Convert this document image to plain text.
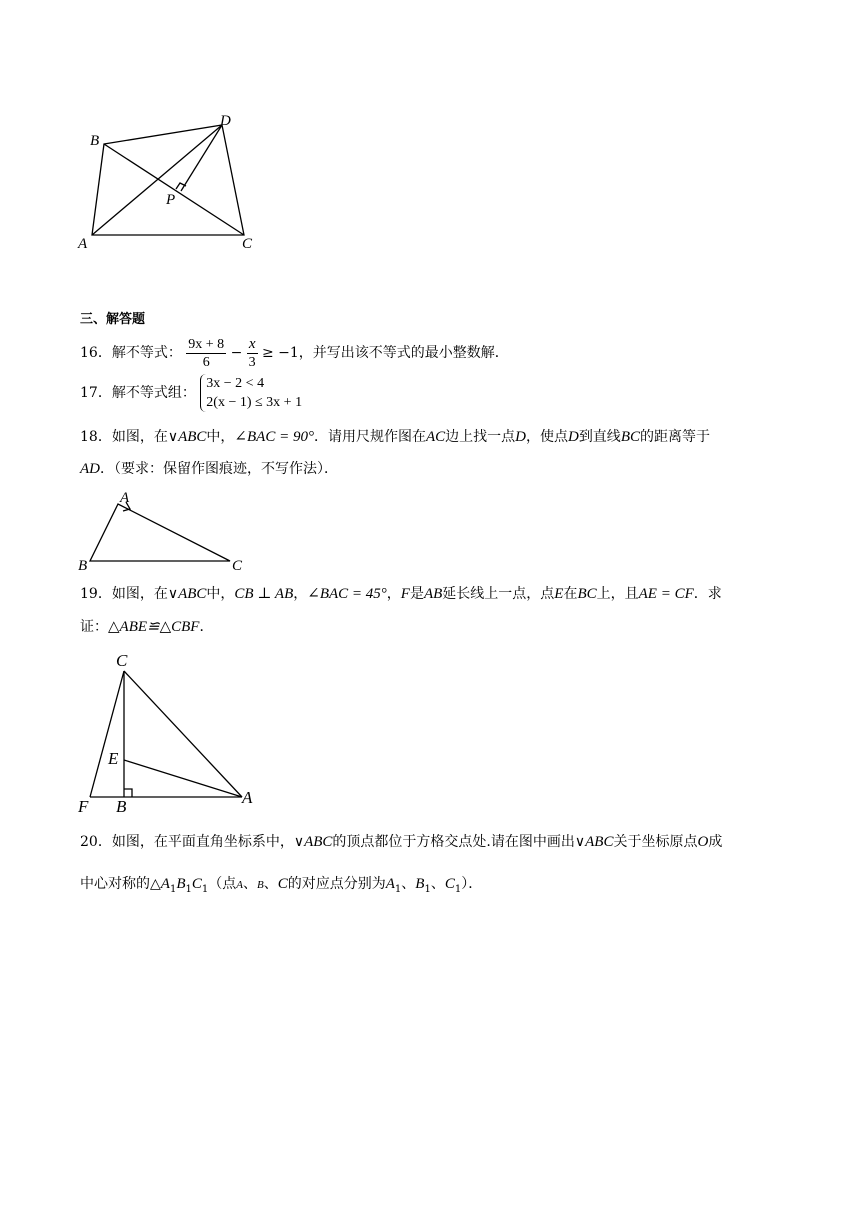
B
D
P
A	C
三、解答题
16．解不等式： $\frac{9x + 8}{6} - \frac{x}{3} \ge -1$，并写出该不等式的最小整数解．
17．解不等式组：
3x − 2 < 4
2(x − 1) ≤ 3x + 1
18．如图，在∨ABC中，∠BAC = 90°．请用尺规作图在AC边上找一点D，使点D到直线BC的距离等于
AD．（要求：保留作图痕迹，不写作法）．
A
B	C
19．如图，在∨ABC中，CB ⊥ AB，∠BAC = 45°，F是AB延长线上一点，点E在BC上，且AE = CF．求
证：△ABE≌△CBF．
C
E
F B	A
20．如图，在平面直角坐标系中，∨ABC的顶点都位于方格交点处.请在图中画出∨ABC关于坐标原点O成
中心对称的$\triangle A_1B_1C_1$（点A、B、C的对应点分别为$A_1$、$B_1$、$C_1$）．
